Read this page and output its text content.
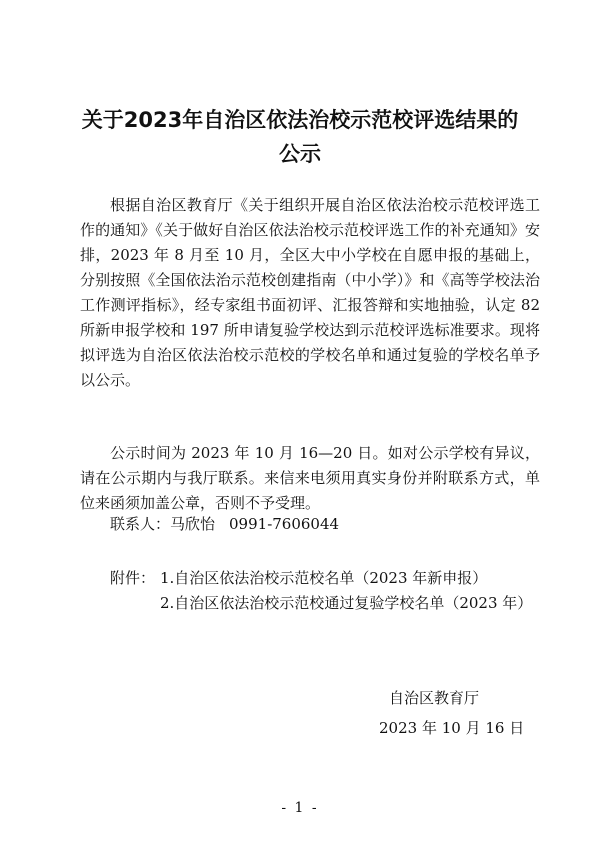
关于2023年自治区依法治校示范校评选结果的
公示

根据自治区教育厅《关于组织开展自治区依法治校示范校评选工作的通知》《关于做好自治区依法治校示范校评选工作的补充通知》安排，2023 年 8 月至 10 月，全区大中小学校在自愿申报的基础上，分别按照《全国依法治示范校创建指南（中小学）》和《高等学校法治工作测评指标》，经专家组书面初评、汇报答辩和实地抽验，认定 82 所新申报学校和 197 所申请复验学校达到示范校评选标准要求。现将拟评选为自治区依法治校示范校的学校名单和通过复验的学校名单予以公示。

公示时间为 2023 年 10 月 16—20 日。如对公示学校有异议，请在公示期内与我厅联系。来信来电须用真实身份并附联系方式，单位来函须加盖公章，否则不予受理。

联系人：马欣怡 0991-7606044
附件： 1.自治区依法治校示范校名单（2023 年新申报）
2.自治区依法治校示范校通过复验学校名单（2023 年）
自治区教育厅
2023 年 10 月 16 日
- 1 -
